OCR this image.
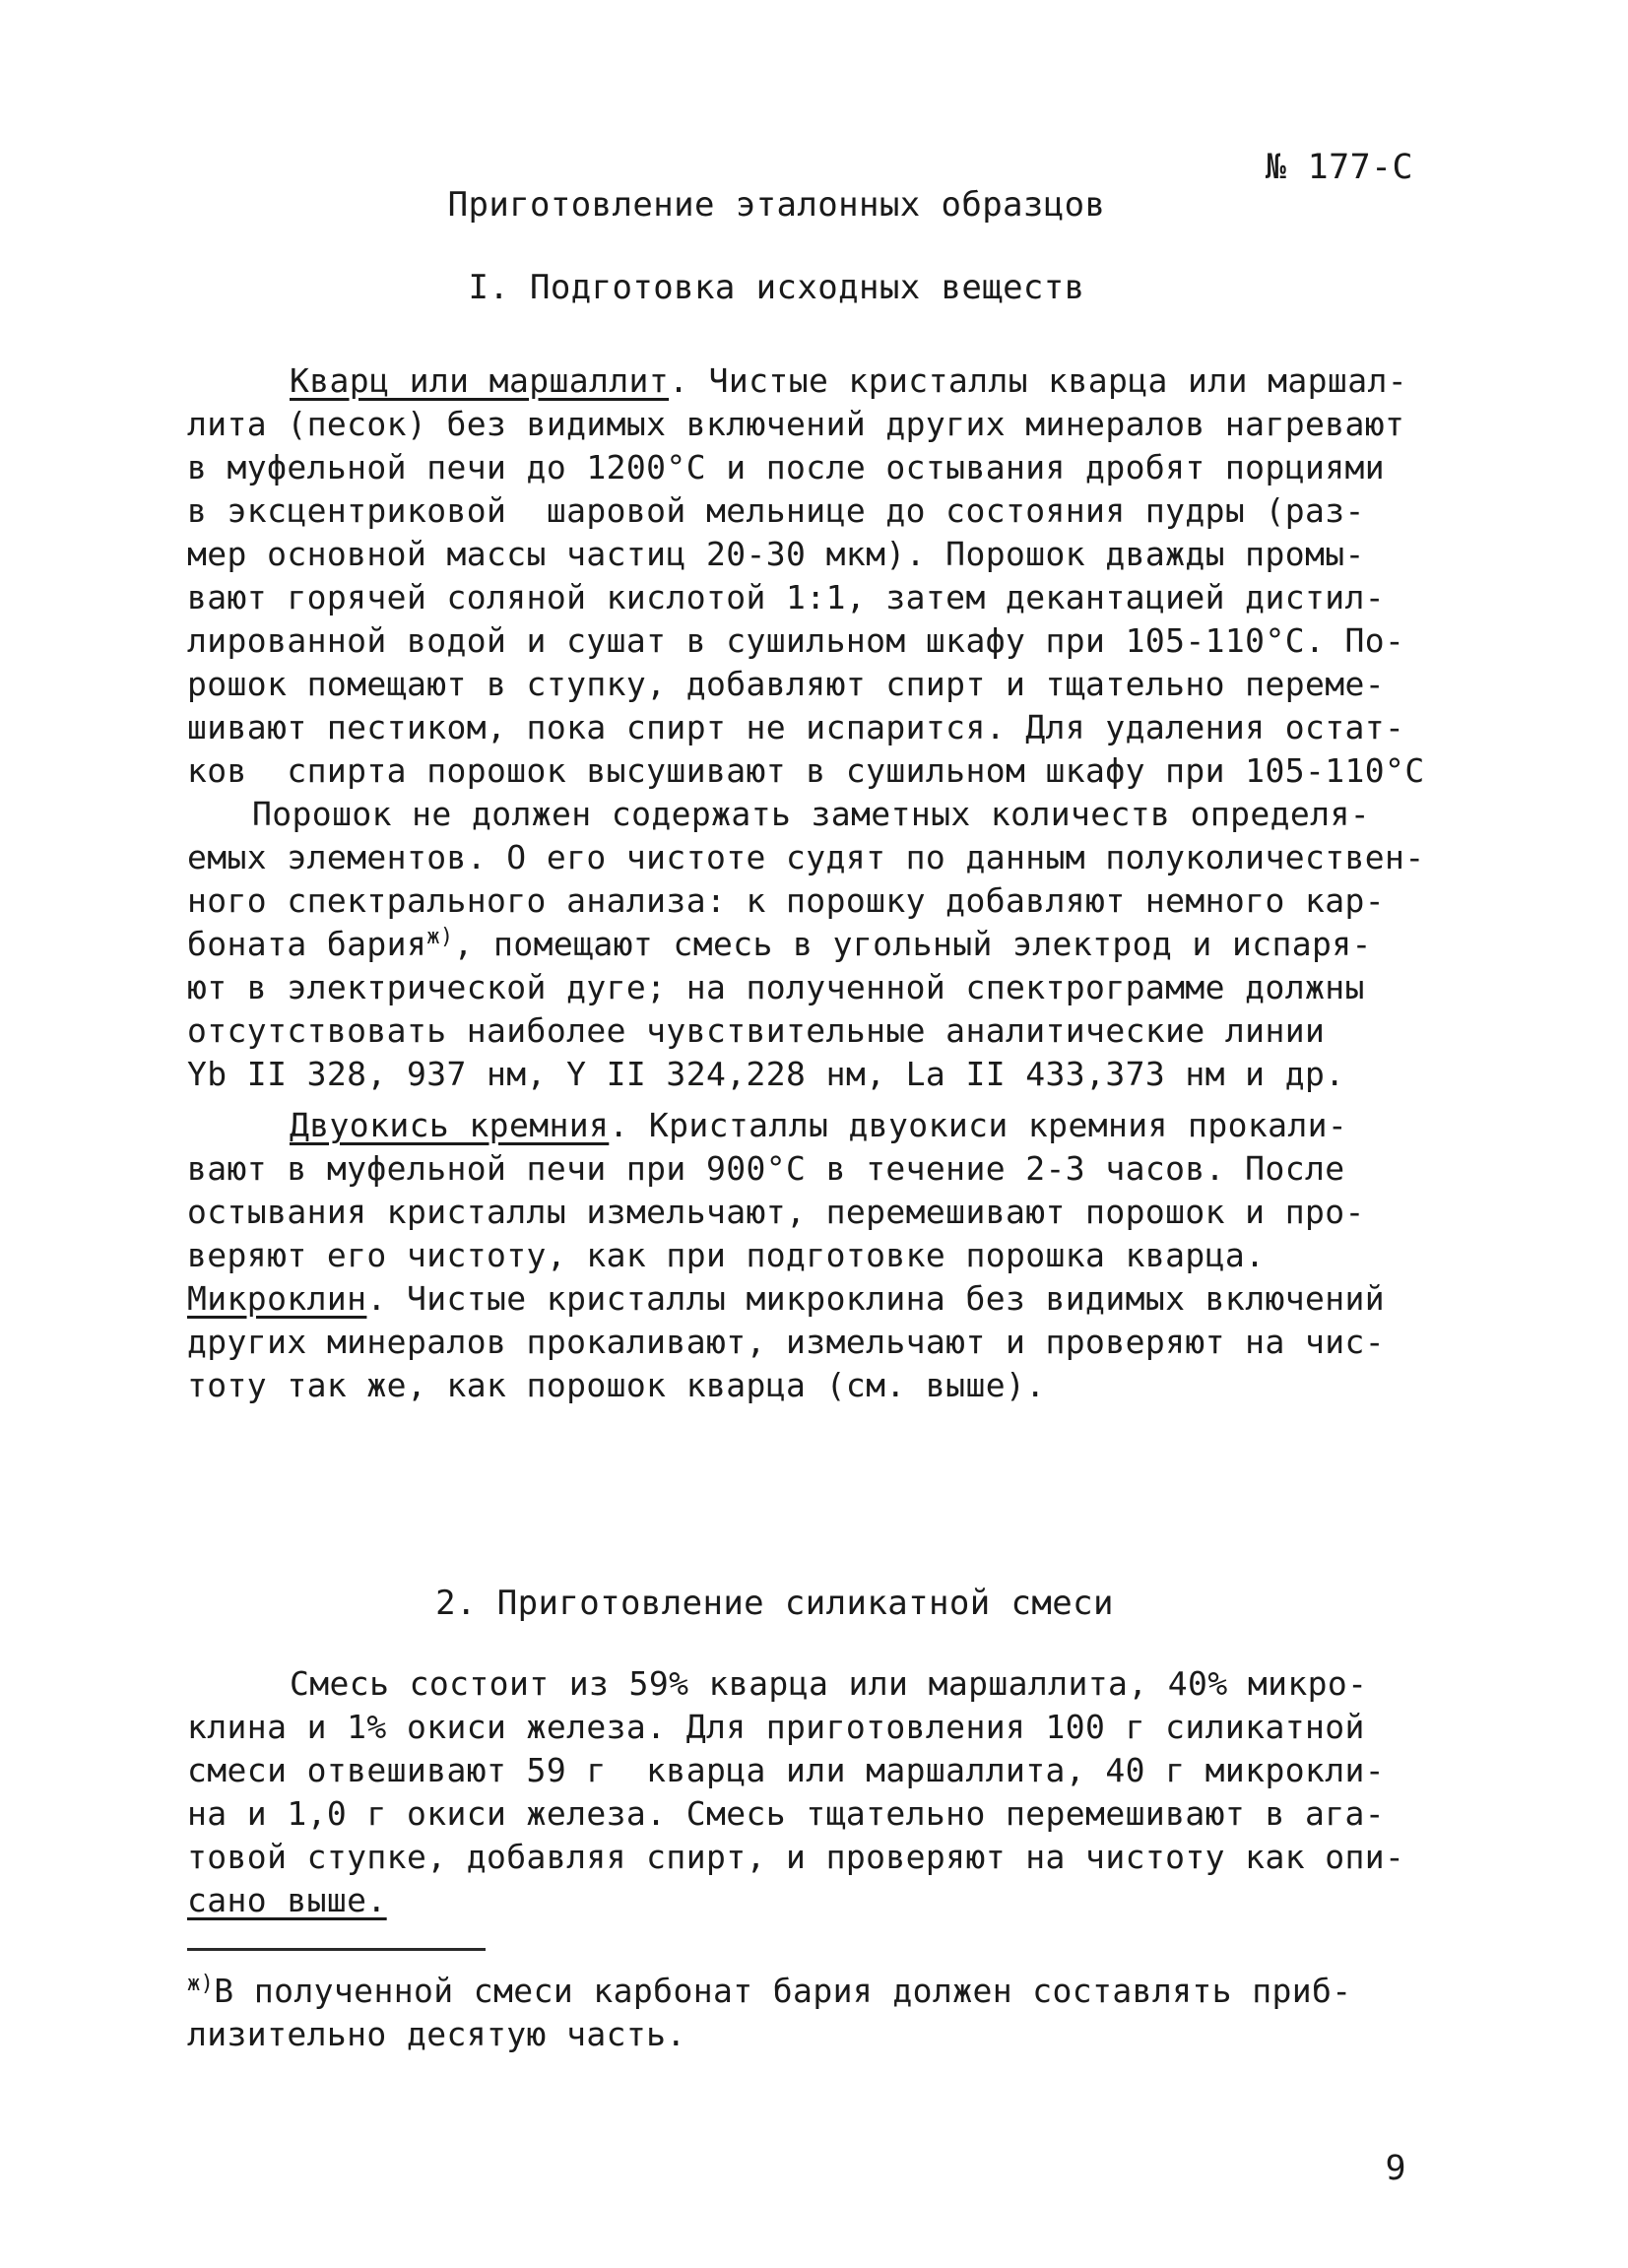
№ 177-С
Приготовление эталонных образцов
I. Подготовка исходных веществ
Кварц или маршаллит. Чистые кристаллы кварца или маршал-
лита (песок) без видимых включений других минералов нагревают
в муфельной печи до 1200°С и после остывания дробят порциями
в эксцентриковой  шаровой мельнице до состояния пудры (раз-
мер основной массы частиц 20-30 мкм). Порошок дважды промы-
вают горячей соляной кислотой 1:1, затем декантацией дистил-
лированной водой и сушат в сушильном шкафу при 105-110°С. По-
рошок помещают в ступку, добавляют спирт и тщательно переме-
шивают пестиком, пока спирт не испарится. Для удаления остат-
ков  спирта порошок высушивают в сушильном шкафу при 105-110°С
Порошок не должен содержать заметных количеств определя-
емых элементов. О его чистоте судят по данным полуколичествен-
ного спектрального анализа: к порошку добавляют немного кар-
боната бария$^{ж)}$, помещают смесь в угольный электрод и испаря-
ют в электрической дуге; на полученной спектрограмме должны
отсутствовать наиболее чувствительные аналитические линии
Yb II 328, 937 нм, Y II 324,228 нм, La II 433,373 нм и др.
Двуокись кремния. Кристаллы двуокиси кремния прокали-
вают в муфельной печи при 900°С в течение 2-3 часов. После
остывания кристаллы измельчают, перемешивают порошок и про-
веряют его чистоту, как при подготовке порошка кварца.
Микроклин. Чистые кристаллы микроклина без видимых включений
других минералов прокаливают, измельчают и проверяют на чис-
тоту так же, как порошок кварца (см. выше).
2. Приготовление силикатной смеси
Смесь состоит из 59% кварца или маршаллита, 40% микро-
клина и 1% окиси железа. Для приготовления 100 г силикатной
смеси отвешивают 59 г  кварца или маршаллита, 40 г микрокли-
на и 1,0 г окиси железа. Смесь тщательно перемешивают в ага-
товой ступке, добавляя спирт, и проверяют на чистоту как опи-
сано выше.
$^{ж)}$В полученной смеси карбонат бария должен составлять приб-
лизительно десятую часть.
9
